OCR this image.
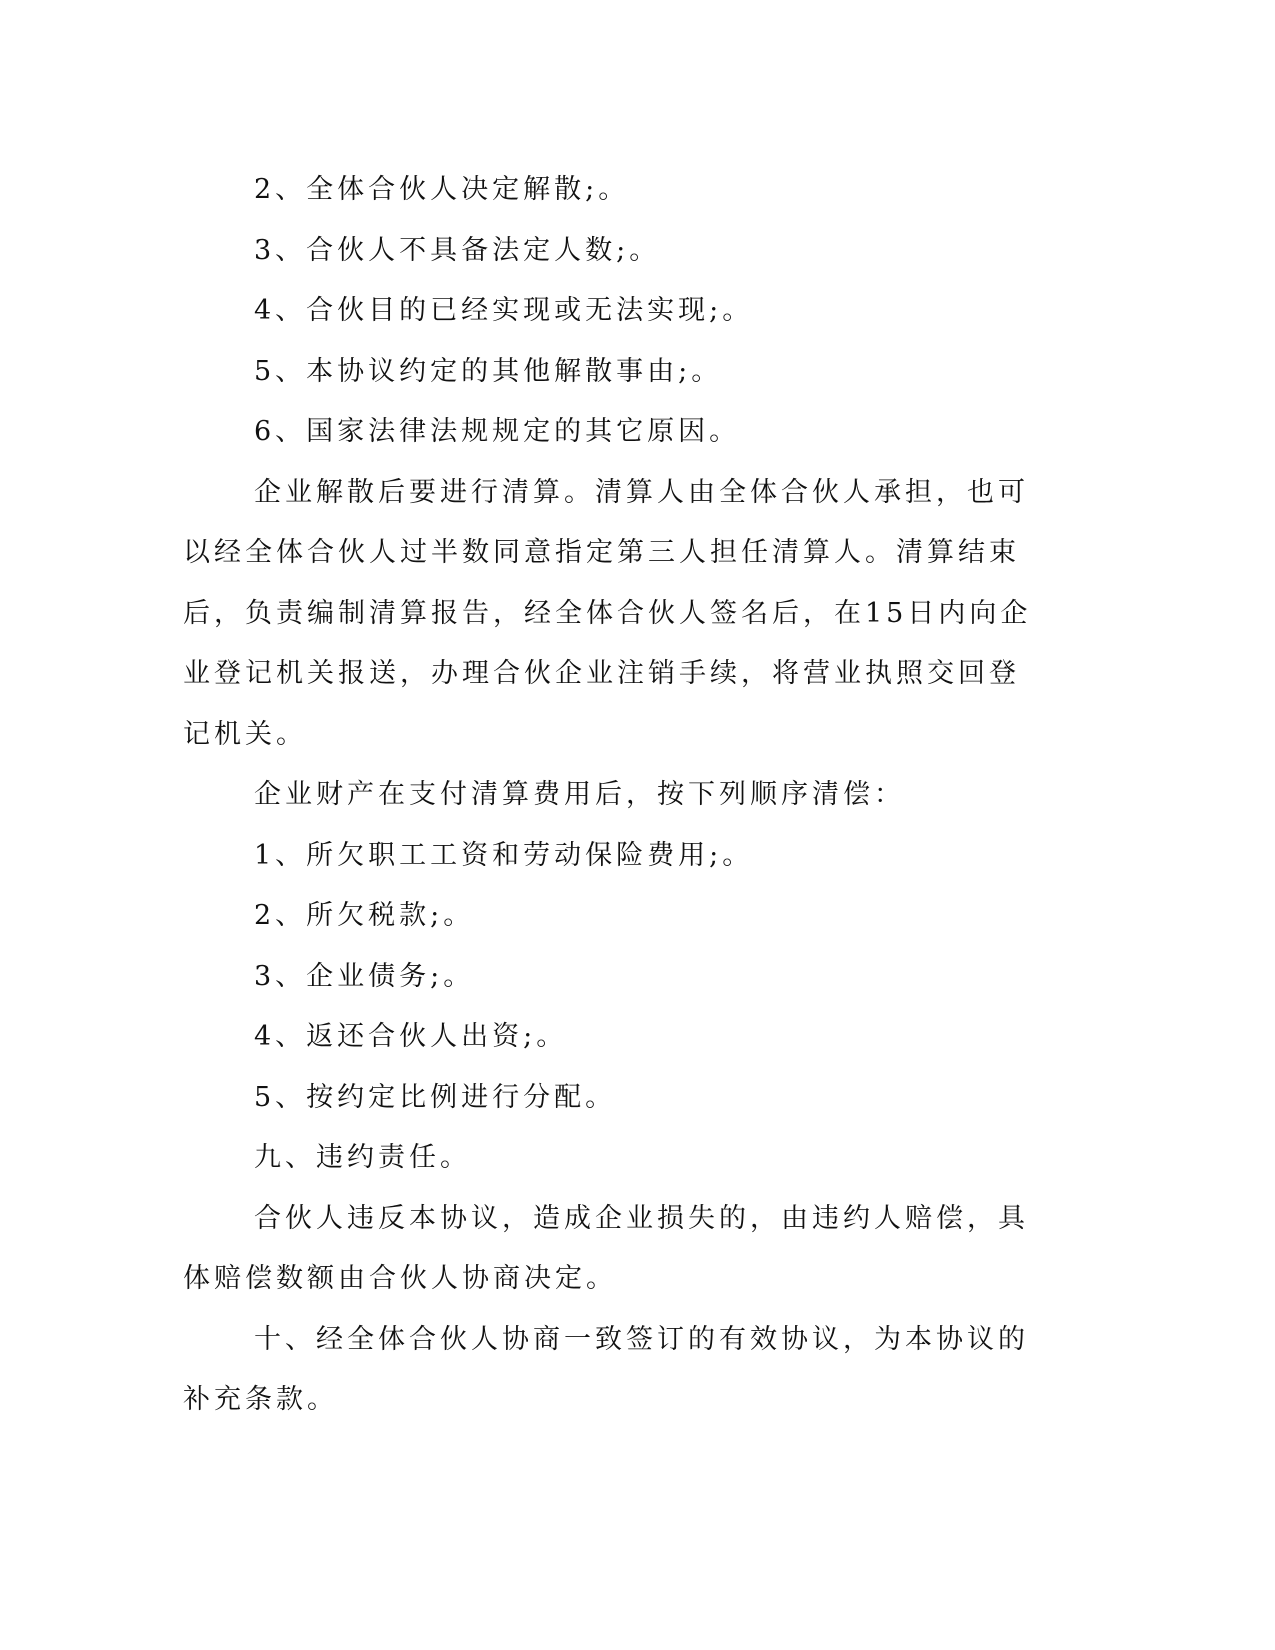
2、全体合伙人决定解散;。

3、合伙人不具备法定人数;。

4、合伙目的已经实现或无法实现;。

5、本协议约定的其他解散事由;。

6、国家法律法规规定的其它原因。

企业解散后要进行清算。清算人由全体合伙人承担，也可以经全体合伙人过半数同意指定第三人担任清算人。清算结束后，负责编制清算报告，经全体合伙人签名后，在15日内向企业登记机关报送，办理合伙企业注销手续，将营业执照交回登记机关。

企业财产在支付清算费用后，按下列顺序清偿：

1、所欠职工工资和劳动保险费用;。

2、所欠税款;。

3、企业债务;。

4、返还合伙人出资;。

5、按约定比例进行分配。

九、违约责任。

合伙人违反本协议，造成企业损失的，由违约人赔偿，具体赔偿数额由合伙人协商决定。

十、经全体合伙人协商一致签订的有效协议，为本协议的补充条款。
